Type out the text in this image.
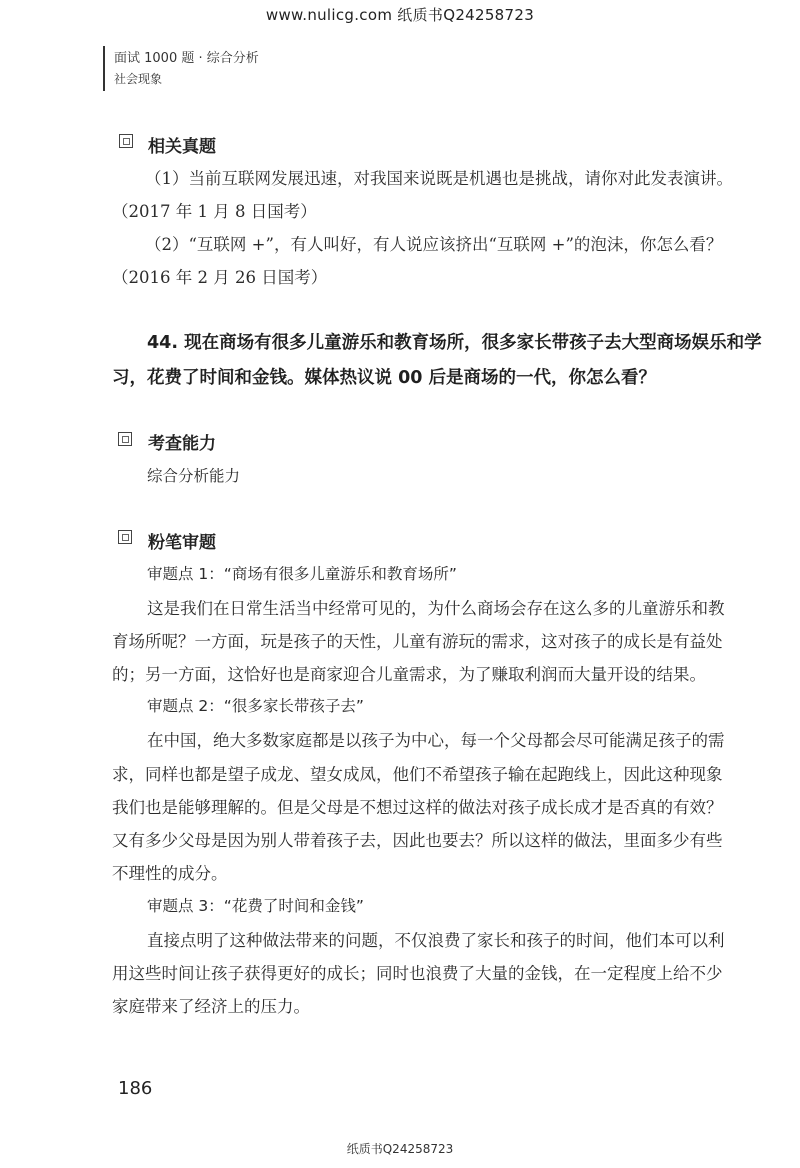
www.nulicg.com 纸质书Q24258723
面试 1000 题 · 综合分析
社会现象
相关真题
（1）当前互联网发展迅速，对我国来说既是机遇也是挑战，请你对此发表演讲。
（2017 年 1 月 8 日国考）
（2）“互联网 +”，有人叫好，有人说应该挤出“互联网 +”的泡沫，你怎么看？
（2016 年 2 月 26 日国考）
44. 现在商场有很多儿童游乐和教育场所，很多家长带孩子去大型商场娱乐和学
习，花费了时间和金钱。媒体热议说 00 后是商场的一代，你怎么看？
考查能力
综合分析能力
粉笔审题
审题点 1：“商场有很多儿童游乐和教育场所”
这是我们在日常生活当中经常可见的，为什么商场会存在这么多的儿童游乐和教
育场所呢？一方面，玩是孩子的天性，儿童有游玩的需求，这对孩子的成长是有益处
的；另一方面，这恰好也是商家迎合儿童需求，为了赚取利润而大量开设的结果。
审题点 2：“很多家长带孩子去”
在中国，绝大多数家庭都是以孩子为中心，每一个父母都会尽可能满足孩子的需
求，同样也都是望子成龙、望女成凤，他们不希望孩子输在起跑线上，因此这种现象
我们也是能够理解的。但是父母是不想过这样的做法对孩子成长成才是否真的有效？
又有多少父母是因为别人带着孩子去，因此也要去？所以这样的做法，里面多少有些
不理性的成分。
审题点 3：“花费了时间和金钱”
直接点明了这种做法带来的问题，不仅浪费了家长和孩子的时间，他们本可以利
用这些时间让孩子获得更好的成长；同时也浪费了大量的金钱，在一定程度上给不少
家庭带来了经济上的压力。
186
纸质书Q24258723
